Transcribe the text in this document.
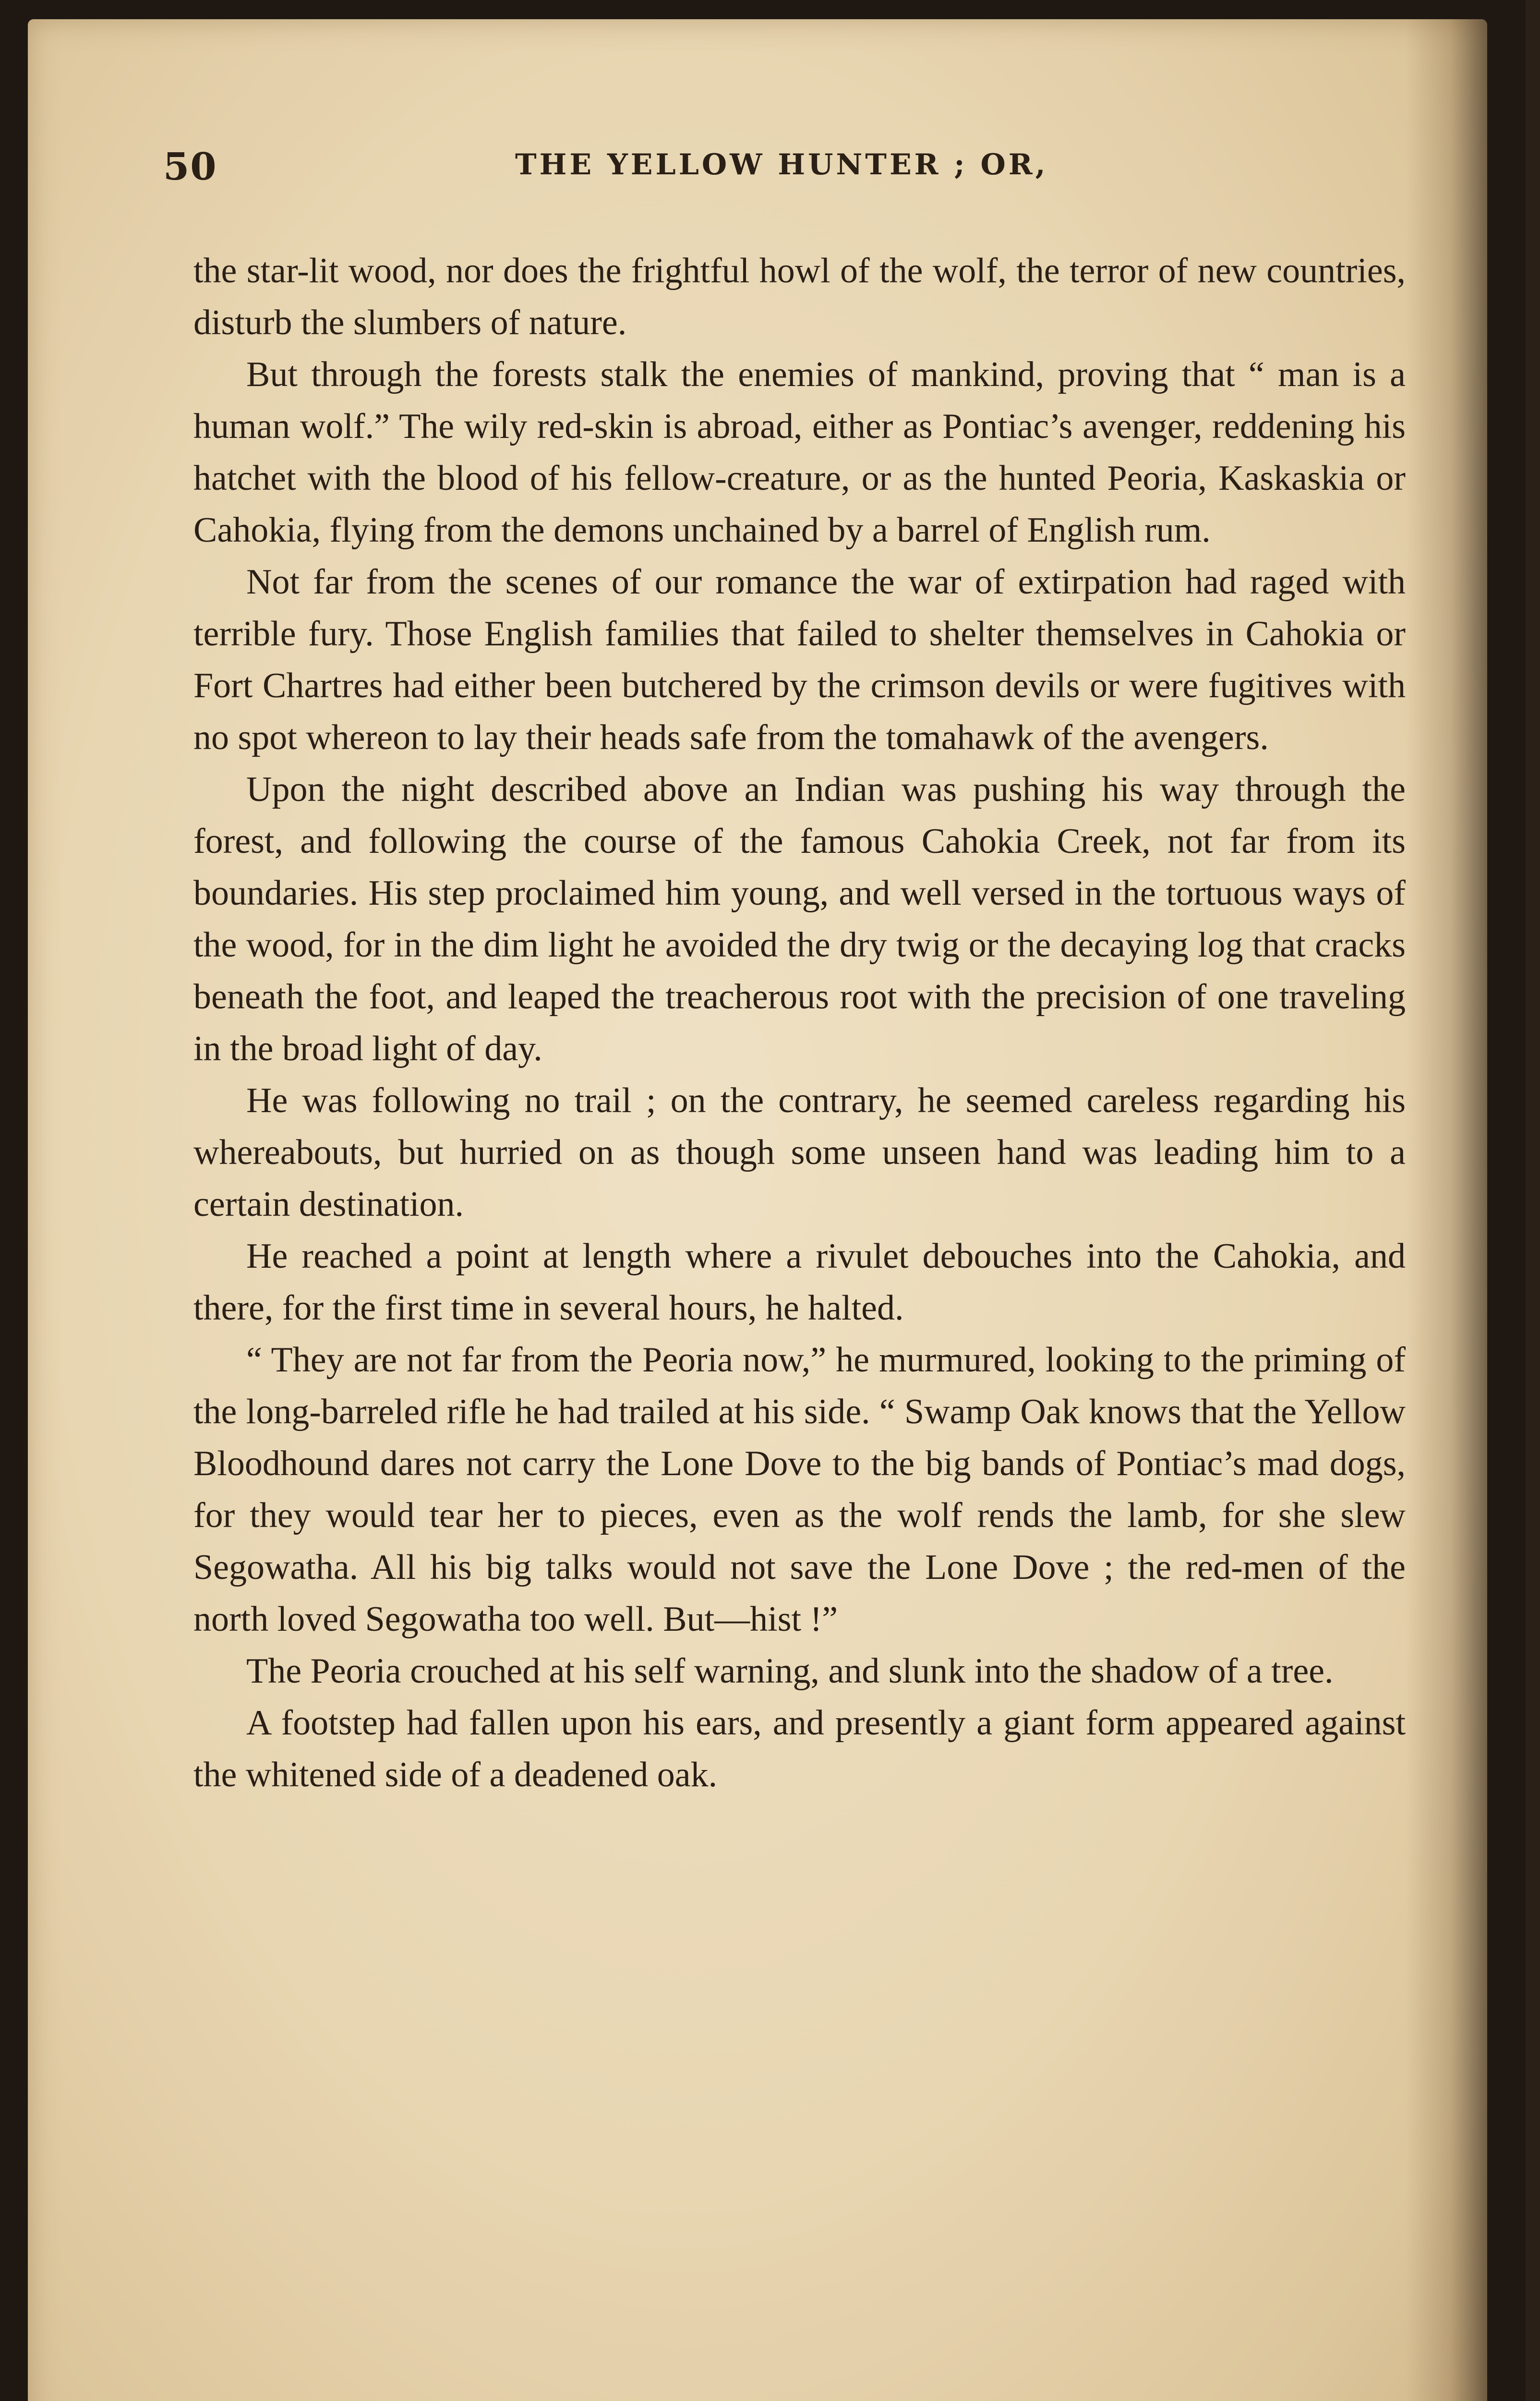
50	THE YELLOW HUNTER ; OR,

the star-lit wood, nor does the frightful howl of the wolf, the terror of new countries, disturb the slumbers of nature.

But through the forests stalk the enemies of mankind, proving that “ man is a human wolf.” The wily red-skin is abroad, either as Pontiac’s avenger, reddening his hatchet with the blood of his fellow-creature, or as the hunted Peoria, Kaskaskia or Cahokia, flying from the demons unchained by a barrel of English rum.

Not far from the scenes of our romance the war of extirpation had raged with terrible fury. Those English families that failed to shelter themselves in Cahokia or Fort Chartres had either been butchered by the crimson devils or were fugitives with no spot whereon to lay their heads safe from the tomahawk of the avengers.

Upon the night described above an Indian was pushing his way through the forest, and following the course of the famous Cahokia Creek, not far from its boundaries. His step proclaimed him young, and well versed in the tortuous ways of the wood, for in the dim light he avoided the dry twig or the decaying log that cracks beneath the foot, and leaped the treacherous root with the precision of one traveling in the broad light of day.

He was following no trail ; on the contrary, he seemed careless regarding his whereabouts, but hurried on as though some unseen hand was leading him to a certain destination.

He reached a point at length where a rivulet debouches into the Cahokia, and there, for the first time in several hours, he halted.

“ They are not far from the Peoria now,” he murmured, looking to the priming of the long-barreled rifle he had trailed at his side. “ Swamp Oak knows that the Yellow Bloodhound dares not carry the Lone Dove to the big bands of Pontiac’s mad dogs, for they would tear her to pieces, even as the wolf rends the lamb, for she slew Segowatha. All his big talks would not save the Lone Dove ; the red-men of the north loved Segowatha too well. But—hist !”

The Peoria crouched at his self warning, and slunk into the shadow of a tree.

A footstep had fallen upon his ears, and presently a giant form appeared against the whitened side of a deadened oak.
